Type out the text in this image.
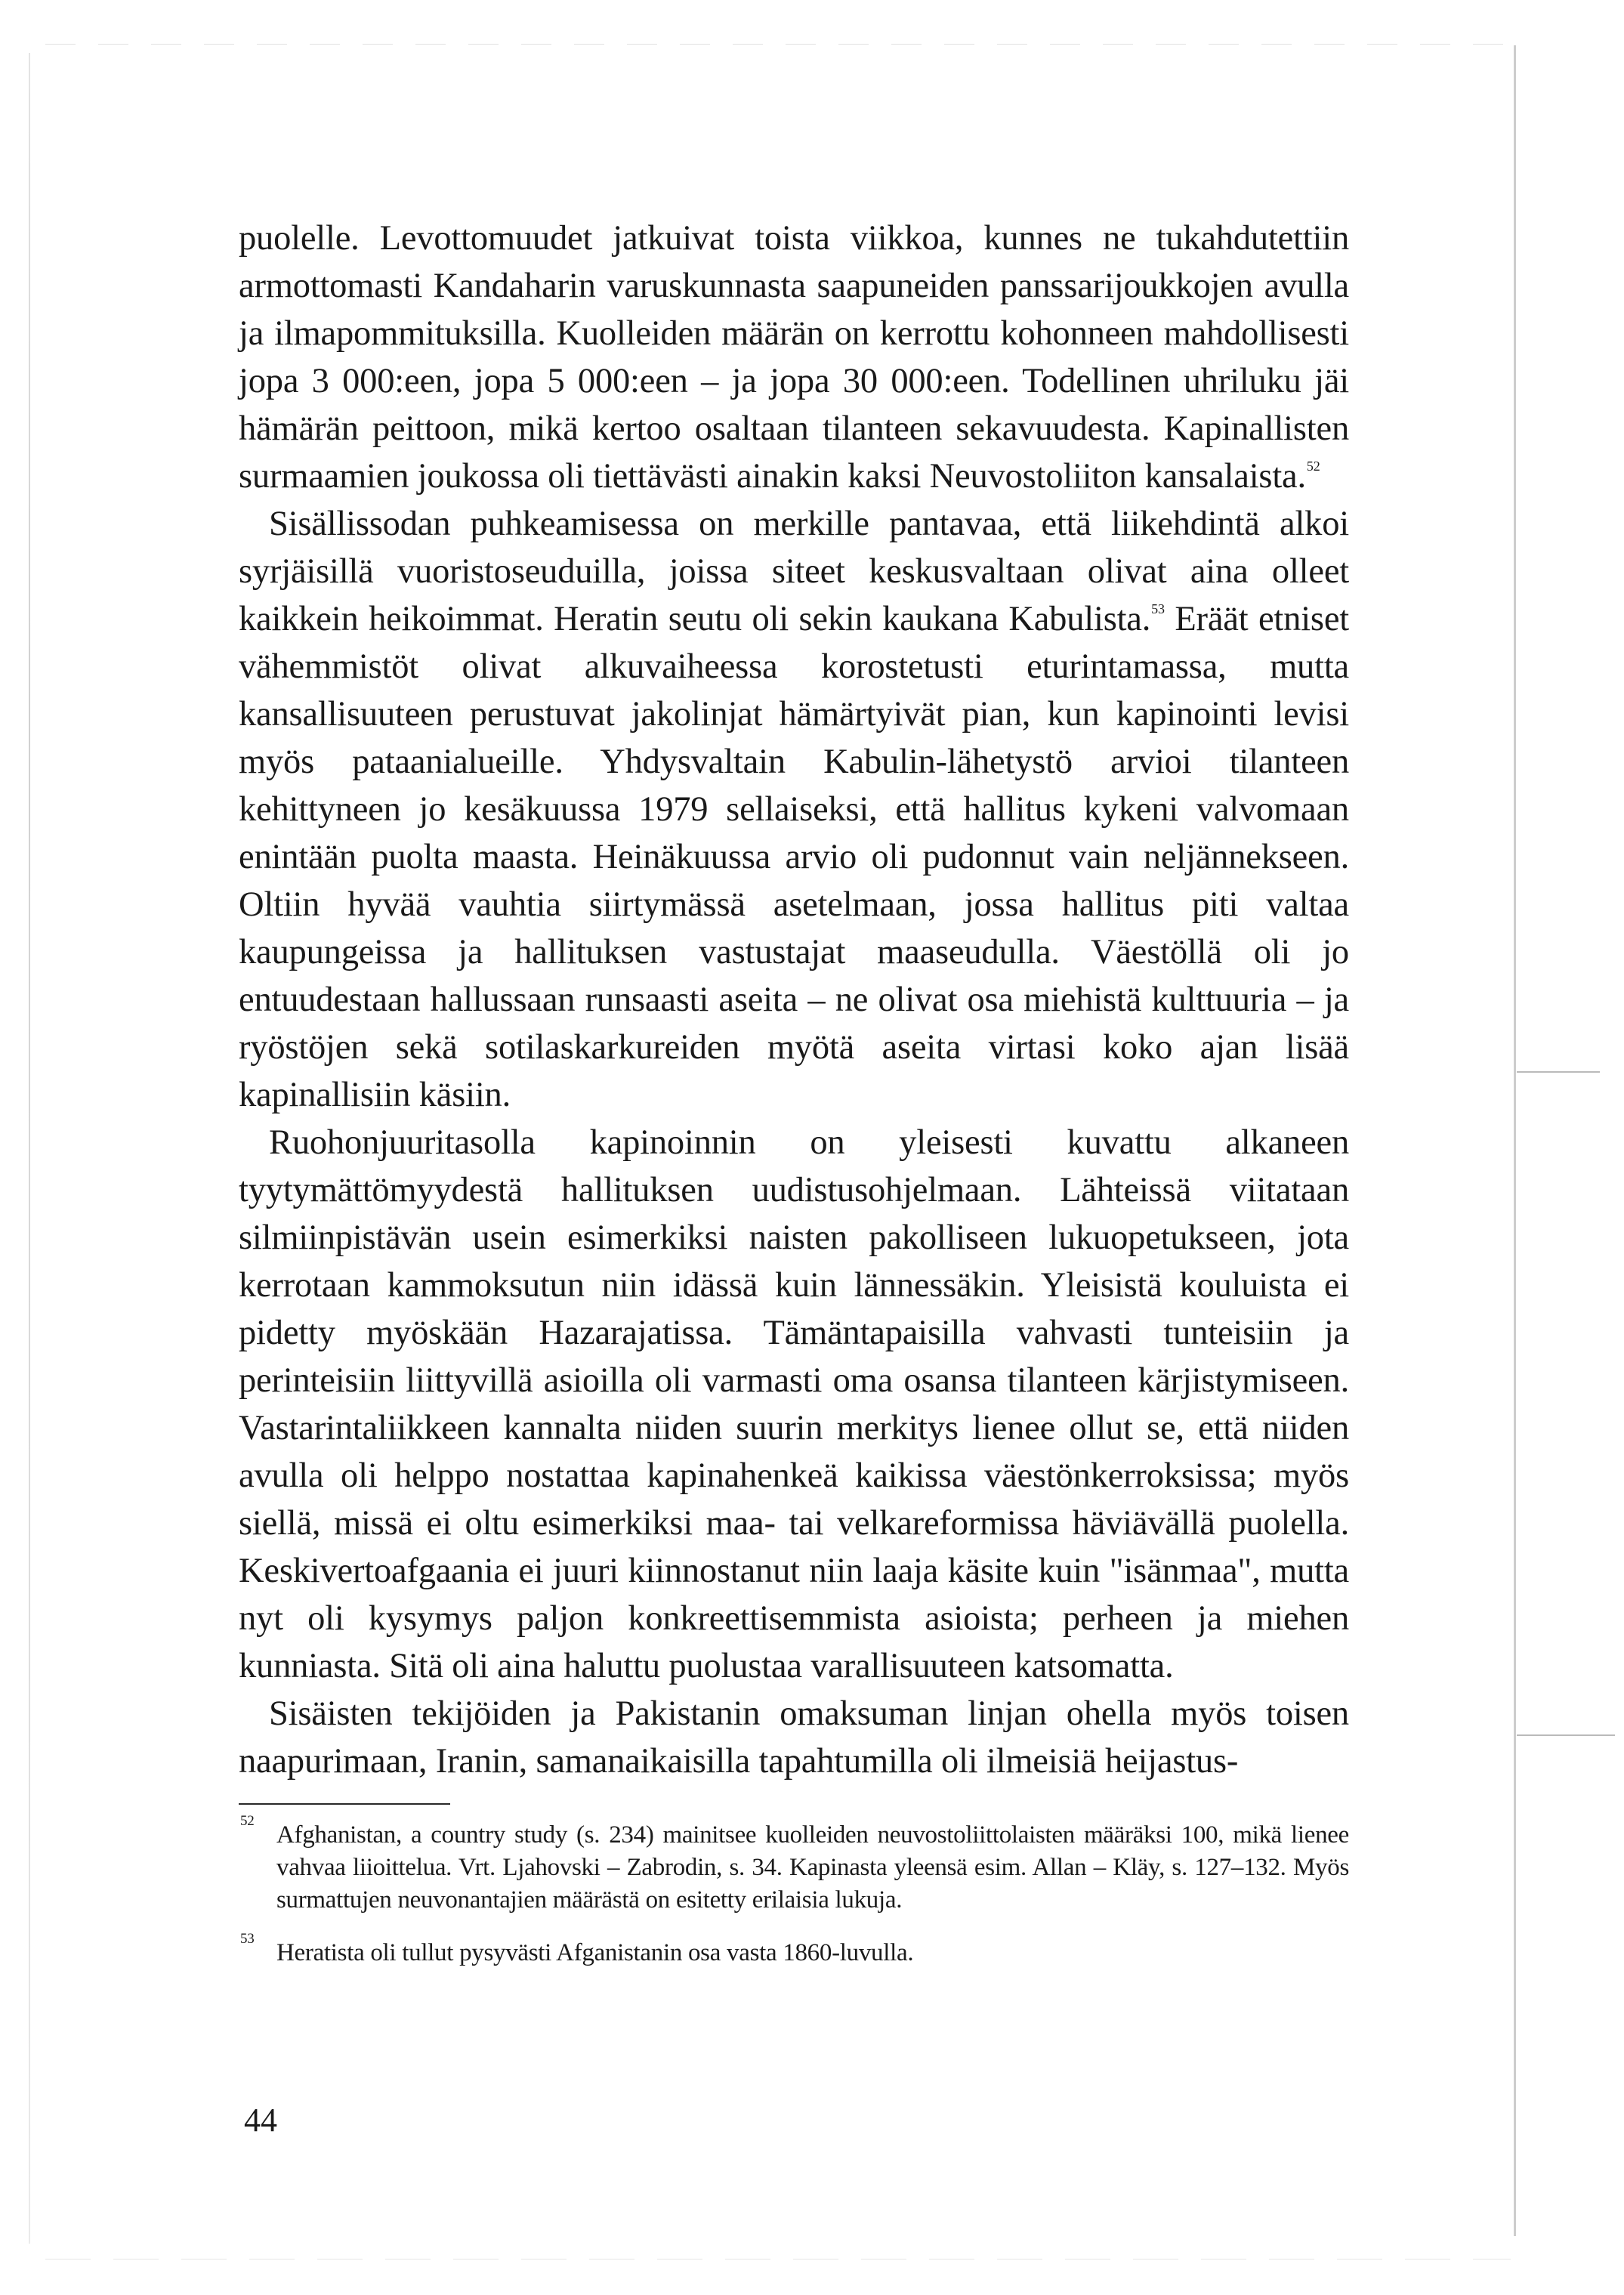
puolelle. Levottomuudet jatkuivat toista viikkoa, kunnes ne tukahdutettiin armottomasti Kandaharin varuskunnasta saapuneiden panssarijoukkojen avulla ja ilmapommituksilla. Kuolleiden määrän on kerrottu kohonneen mahdollisesti jopa 3 000:een, jopa 5 000:een – ja jopa 30 000:een. Todellinen uhriluku jäi hämärän peittoon, mikä kertoo osaltaan tilanteen sekavuudesta. Kapinallisten surmaamien joukossa oli tiettävästi ainakin kaksi Neuvostoliiton kansalaista.$^{52}$

Sisällissodan puhkeamisessa on merkille pantavaa, että liikehdintä alkoi syrjäisillä vuoristoseuduilla, joissa siteet keskusvaltaan olivat aina olleet kaikkein heikoimmat. Heratin seutu oli sekin kaukana Kabulista.$^{53}$ Eräät etniset vähemmistöt olivat alkuvaiheessa korostetusti eturintamassa, mutta kansallisuuteen perustuvat jakolinjat hämärtyivät pian, kun kapinointi levisi myös pataanialueille. Yhdysvaltain Kabulin-lähetystö arvioi tilanteen kehittyneen jo kesäkuussa 1979 sellaiseksi, että hallitus kykeni valvomaan enintään puolta maasta. Heinäkuussa arvio oli pudonnut vain neljännekseen. Oltiin hyvää vauhtia siirtymässä asetelmaan, jossa hallitus piti valtaa kaupungeissa ja hallituksen vastustajat maaseudulla. Väestöllä oli jo entuudestaan hallussaan runsaasti aseita – ne olivat osa miehistä kulttuuria – ja ryöstöjen sekä sotilaskarkureiden myötä aseita virtasi koko ajan lisää kapinallisiin käsiin.

Ruohonjuuritasolla kapinoinnin on yleisesti kuvattu alkaneen tyytymättömyydestä hallituksen uudistusohjelmaan. Lähteissä viitataan silmiinpistävän usein esimerkiksi naisten pakolliseen lukuopetukseen, jota kerrotaan kammoksutun niin idässä kuin lännessäkin. Yleisistä kouluista ei pidetty myöskään Hazarajatissa. Tämäntapaisilla vahvasti tunteisiin ja perinteisiin liittyvillä asioilla oli varmasti oma osansa tilanteen kärjistymiseen. Vastarintaliikkeen kannalta niiden suurin merkitys lienee ollut se, että niiden avulla oli helppo nostattaa kapinahenkeä kaikissa väestönkerroksissa; myös siellä, missä ei oltu esimerkiksi maa- tai velkareformissa häviävällä puolella. Keskivertoafgaania ei juuri kiinnostanut niin laaja käsite kuin "isänmaa", mutta nyt oli kysymys paljon konkreettisemmista asioista; perheen ja miehen kunniasta. Sitä oli aina haluttu puolustaa varallisuuteen katsomatta.

Sisäisten tekijöiden ja Pakistanin omaksuman linjan ohella myös toisen naapurimaan, Iranin, samanaikaisilla tapahtumilla oli ilmeisiä heijastus-

52
Afghanistan, a country study (s. 234) mainitsee kuolleiden neuvostoliittolaisten määräksi 100, mikä lienee vahvaa liioittelua. Vrt. Ljahovski – Zabrodin, s. 34. Kapinasta yleensä esim. Allan – Kläy, s. 127–132. Myös surmattujen neuvonantajien määrästä on esitetty erilaisia lukuja.

53
Heratista oli tullut pysyvästi Afganistanin osa vasta 1860-luvulla.

44
